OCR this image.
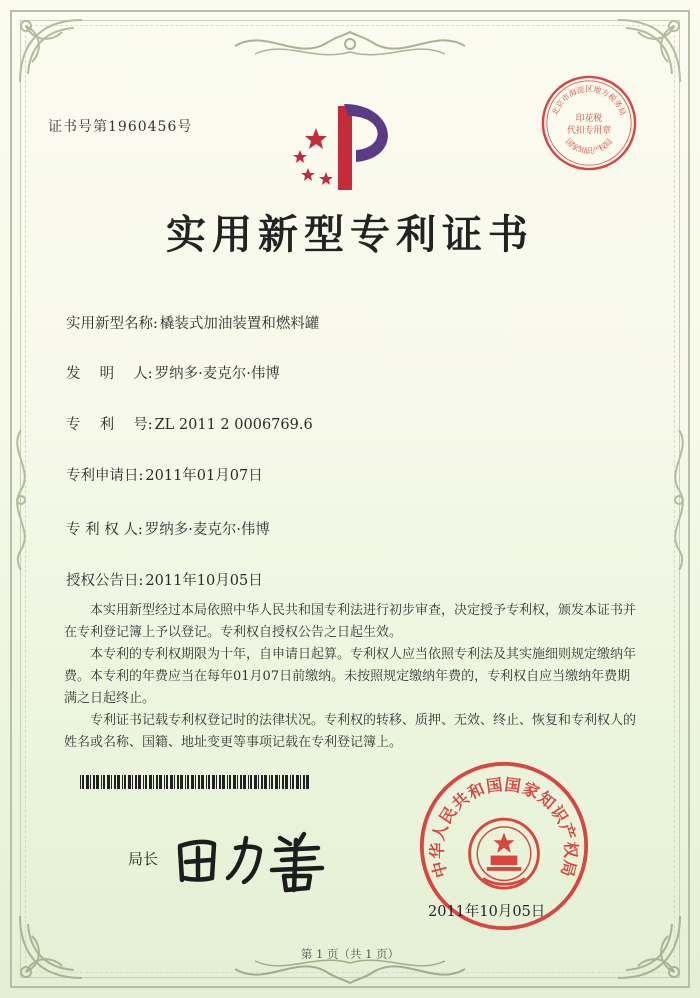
证书号第1960456号
北京市海淀区地方税务局
印花税
代扣专用章
国家知识产权局
实用新型专利证书
实用新型名称: 橇装式加油装置和燃料罐
发　 明　 人: 罗纳多·麦克尔·伟博
专　 利　 号: ZL 2011 2 0006769.6
专利申请日: 2011年01月07日
专 利 权 人: 罗纳多·麦克尔·伟博
授权公告日: 2011年10月05日

本实用新型经过本局依照中华人民共和国专利法进行初步审查，决定授予专利权，颁发本证书并在专利登记簿上予以登记。专利权自授权公告之日起生效。

本专利的专利权期限为十年，自申请日起算。专利权人应当依照专利法及其实施细则规定缴纳年费。本专利的年费应当在每年01月07日前缴纳。未按照规定缴纳年费的，专利权自应当缴纳年费期满之日起终止。

专利证书记载专利权登记时的法律状况。专利权的转移、质押、无效、终止、恢复和专利权人的姓名或名称、国籍、地址变更等事项记载在专利登记簿上。

局长	中华人民共和国国家知识产权局
2011年10月05日
第 1 页（共 1 页）
